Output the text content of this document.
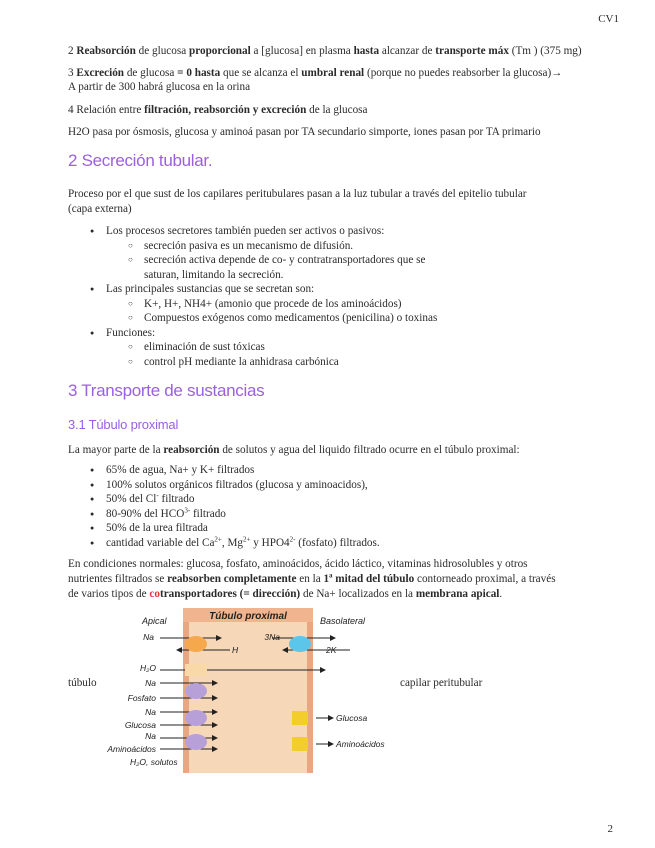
CV1

2 Reabsorción de glucosa proporcional a [glucosa] en plasma hasta alcanzar de transporte máx (Tm ) (375 mg)

3 Excreción de glucosa = 0 hasta que se alcanza el umbral renal (porque no puedes reabsorber la glucosa)→

A partir de 300 habrá glucosa en la orina

4 Relación entre filtración, reabsorción y excreción de la glucosa

H2O pasa por ósmosis, glucosa y aminoá pasan por TA secundario simporte, iones pasan por TA primario

2 Secreción tubular.

Proceso por el que sust de los capilares peritubulares pasan a la luz tubular a través del epitelio tubular

(capa externa)

● Los procesos secretores también pueden ser activos o pasivos:
○ secreción pasiva es un mecanismo de difusión.
○ secreción activa depende de co- y contratransportadores que se
saturan, limitando la secreción.
● Las principales sustancias que se secretan son:
○ K+, H+, NH4+ (amonio que procede de los aminoácidos)
○ Compuestos exógenos como medicamentos (penicilina) o toxinas
● Funciones:
○ eliminación de sust tóxicas
○ control pH mediante la anhidrasa carbónica
3 Transporte de sustancias
3.1 Túbulo proximal

La mayor parte de la reabsorción de solutos y agua del liquido filtrado ocurre en el túbulo proximal:

● 65% de agua, Na+ y K+ filtrados
● 100% solutos orgánicos filtrados (glucosa y aminoacidos),
● 50% del Cl- filtrado
● 80-90% del $HCO^{3-}$ filtrado
● 50% de la urea filtrada
● cantidad variable del $Ca^{2+}$, $Mg^{2+}$ y $HPO4^{2-}$ (fosfato) filtrados.

En condiciones normales: glucosa, fosfato, aminoácidos, ácido láctico, vitaminas hidrosolubles y otros
nutrientes filtrados se reabsorben completamente en la 1ª mitad del túbulo contorneado proximal, a través
de varios tipos de cotransportadores (= dirección) de Na+ localizados en la membrana apical.

túbulo	capilar peritubular
Túbulo proximal
Apical	Basolateral
Na
H
3Na
2K
H₂O
Na
Fosfato
Na
Glucosa
Na
Aminoácidos
H₂O, solutos
Glucosa
Aminoácidos
2
